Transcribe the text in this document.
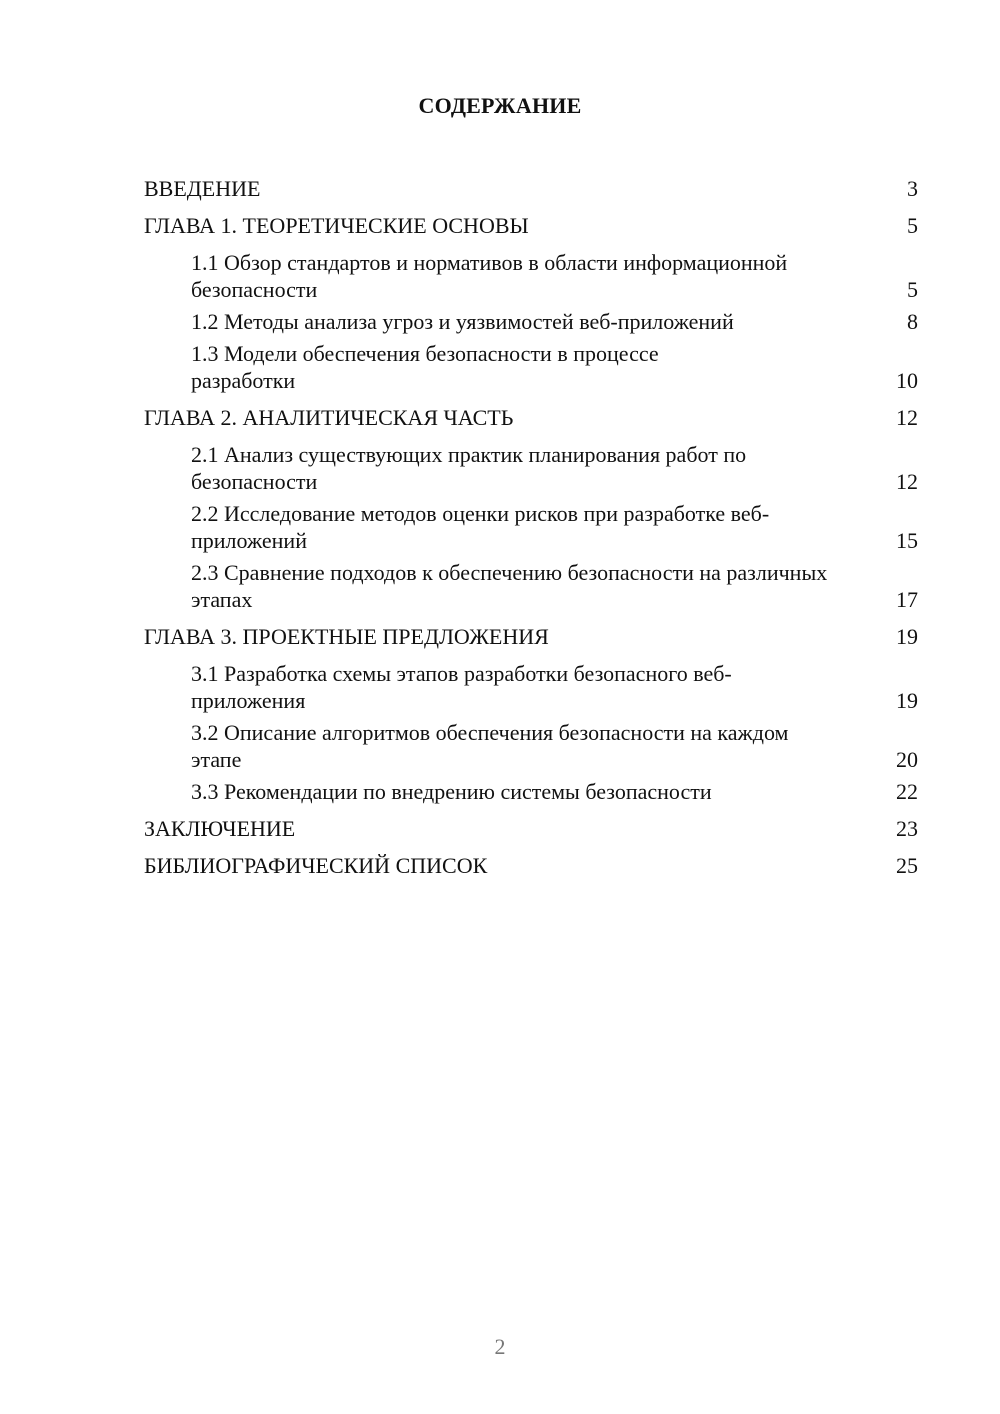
СОДЕРЖАНИЕ
ВВЕДЕНИЕ	3
ГЛАВА 1. ТЕОРЕТИЧЕСКИЕ ОСНОВЫ	5
1.1 Обзор стандартов и нормативов в области информационной безопасности	5
1.2 Методы анализа угроз и уязвимостей веб-приложений	8
1.3 Модели обеспечения безопасности в процессе разработки	10
ГЛАВА 2. АНАЛИТИЧЕСКАЯ ЧАСТЬ	12
2.1 Анализ существующих практик планирования работ по безопасности	12
2.2 Исследование методов оценки рисков при разработке веб-приложений	15
2.3 Сравнение подходов к обеспечению безопасности на различных этапах	17
ГЛАВА 3. ПРОЕКТНЫЕ ПРЕДЛОЖЕНИЯ	19
3.1 Разработка схемы этапов разработки безопасного веб-приложения	19
3.2 Описание алгоритмов обеспечения безопасности на каждом этапе	20
3.3 Рекомендации по внедрению системы безопасности	22
ЗАКЛЮЧЕНИЕ	23
БИБЛИОГРАФИЧЕСКИЙ СПИСОК	25
2
